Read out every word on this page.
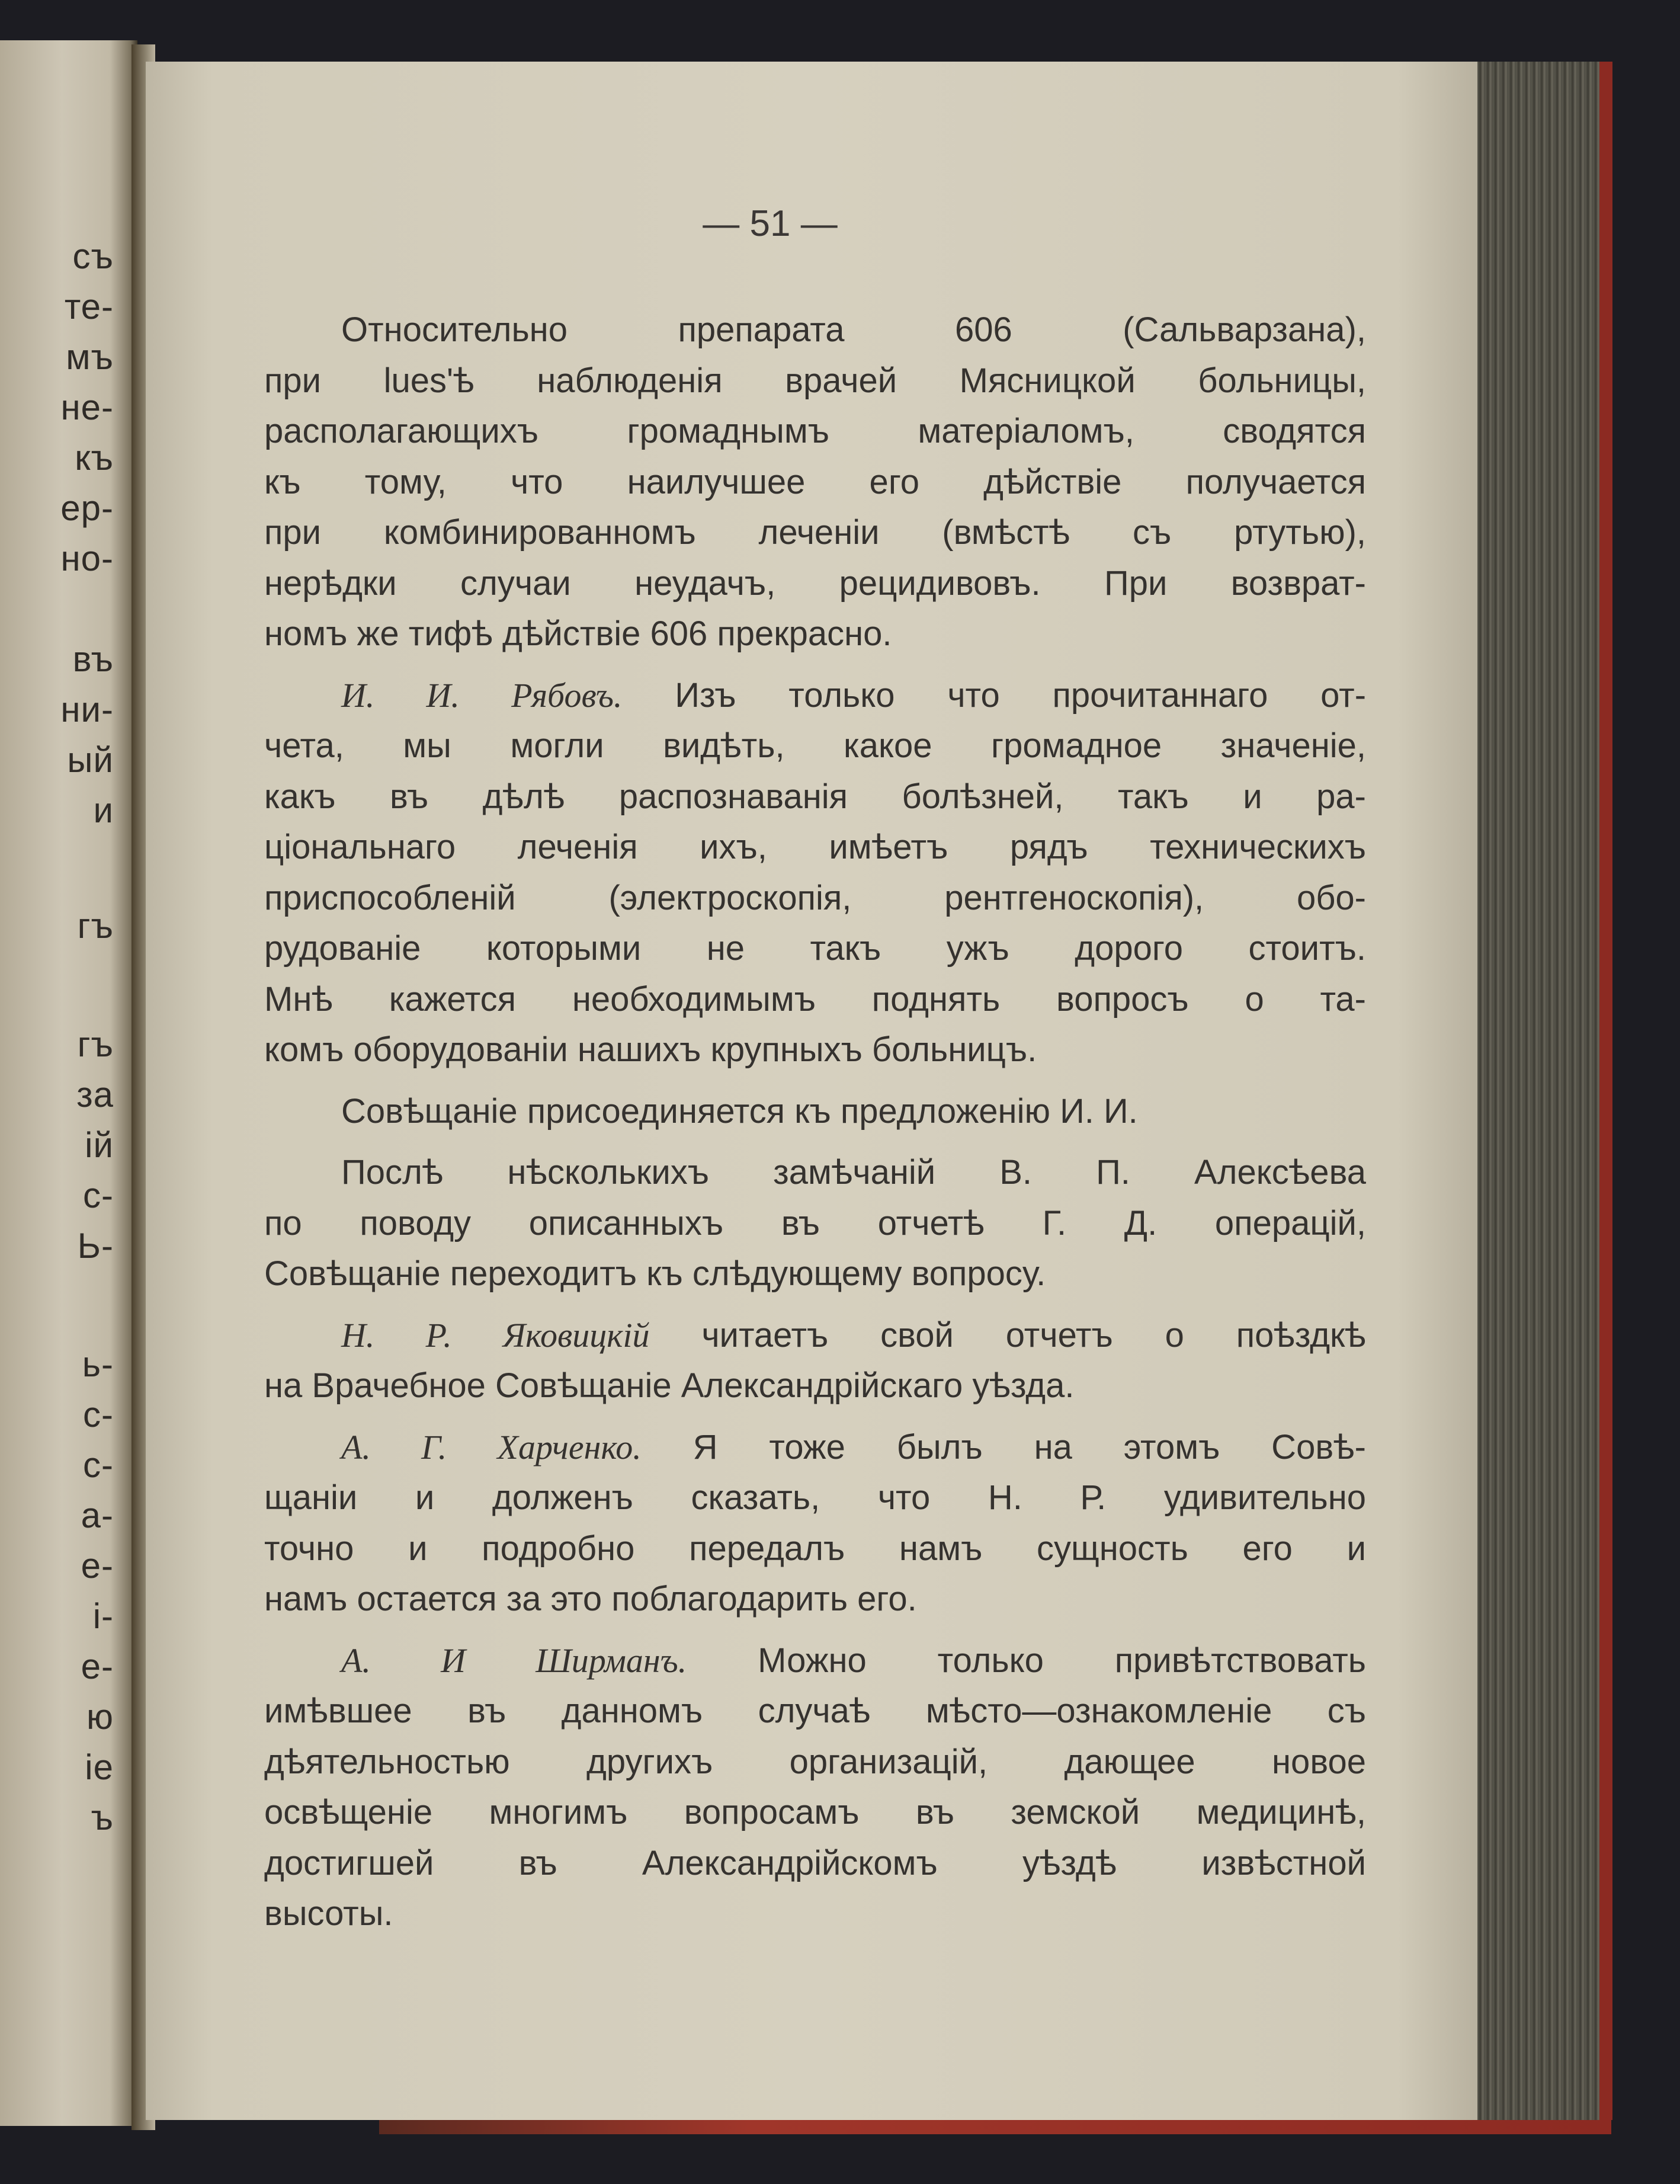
съ
те-
мъ
не-
къ
ер-
но-
въ
ни-
ый
и
гъ
гъ
за
ій
с-
Ь-
ь-
с-
с-
а-
е-
і-
е-
ю
іе
ъ
— 51 —
Относительно препарата 606 (Сальварзана),
при lues'ѣ наблюденія врачей Мясницкой больницы,
располагающихъ громаднымъ матеріаломъ, сводятся
къ тому, что наилучшее его дѣйствіе получается
при комбинированномъ леченіи (вмѣстѣ съ ртутью),
нерѣдки случаи неудачъ, рецидивовъ. При возврат-
номъ же тифѣ дѣйствіе 606 прекрасно.
И. И. Рябовъ. Изъ только что прочитаннаго от-
чета, мы могли видѣть, какое громадное значеніе,
какъ въ дѣлѣ распознаванія болѣзней, такъ и ра-
ціональнаго леченія ихъ, имѣетъ рядъ техническихъ
приспособленій (электроскопія, рентгеноскопія), обо-
рудованіе которыми не такъ ужъ дорого стоитъ.
Мнѣ кажется необходимымъ поднять вопросъ о та-
комъ оборудованіи нашихъ крупныхъ больницъ.
Совѣщаніе присоединяется къ предложенію И. И.
Послѣ нѣсколькихъ замѣчаній В. П. Алексѣева
по поводу описанныхъ въ отчетѣ Г. Д. операцій,
Совѣщаніе переходитъ къ слѣдующему вопросу.
Н. Р. Яковицкій читаетъ свой отчетъ о поѣздкѣ
на Врачебное Совѣщаніе Александрійскаго уѣзда.
А. Г. Харченко. Я тоже былъ на этомъ Совѣ-
щаніи и долженъ сказать, что Н. Р. удивительно
точно и подробно передалъ намъ сущность его и
намъ остается за это поблагодарить его.
А. И Ширманъ. Можно только привѣтствовать
имѣвшее въ данномъ случаѣ мѣсто—ознакомленіе съ
дѣятельностью другихъ организацій, дающее новое
освѣщеніе многимъ вопросамъ въ земской медицинѣ,
достигшей въ Александрійскомъ уѣздѣ извѣстной
высоты.
